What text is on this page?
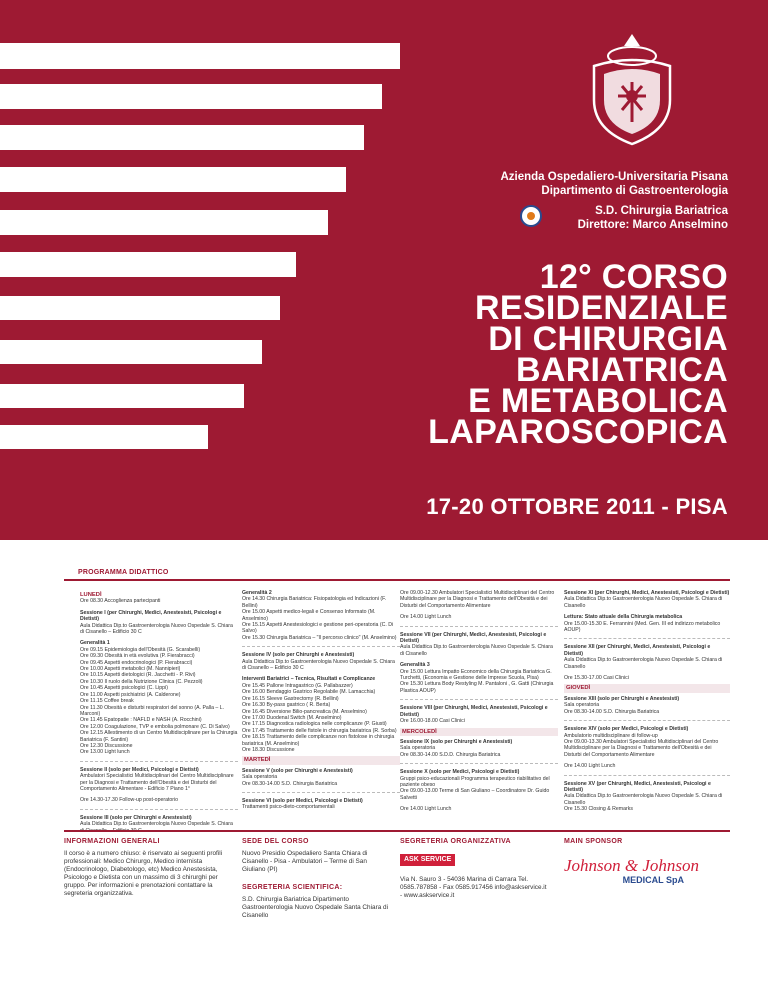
Azienda Ospedaliero-Universitaria Pisana
Dipartimento di Gastroenterologia
S.D. Chirurgia Bariatrica
Direttore: Marco Anselmino
12° CORSO
RESIDENZIALE
DI CHIRURGIA
BARIATRICA
E METABOLICA
LAPAROSCOPICA
17-20 OTTOBRE 2011 - PISA
PROGRAMMA DIDATTICO
LUNEDÌ
Ore 08.30 Accoglienza partecipanti
Sessione I (per Chirurghi, Medici, Anestesisti, Psicologi e Dietisti)
Aula Didattica Dip.to Gastroenterologia Nuovo Ospedale S. Chiara di Cisanello – Edificio 30 C
Generalità 1
Ore 09.15 Epidemiologia dell'Obesità (G. Scarabelli)
Ore 09.30 Obesità in età evolutiva (P. Fierabracci)
Ore 09.45 Aspetti endocrinologici (P. Fierabracci)
Ore 10.00 Aspetti metabolici (M. Nannipieri)
Ore 10.15 Aspetti dietologici (R. Jacchetti - P. Rivi)
Ore 10.30 Il ruolo della Nutrizione Clinica (C. Pezzoli)
Ore 10.45 Aspetti psicologici (C. Lippi)
Ore 11.00 Aspetti psichiatrici (A. Calderone)
Ore 11.15 Coffee break
Ore 11.30 Obesità e disturbi respiratori del sonno (A. Palla – L. Marconi)
Ore 11.45 Epatopatie : NAFLD e NASH (A. Rocchini)
Ore 12.00 Coagulazione, TVP e embolia polmonare (C. Di Salvo)
Ore 12.15 Allestimento di un Centro Multidisciplinare per la Chirurgia Bariatrica (F. Santini)
Ore 12.30 Discussione
Ore 13.00 Light lunch
Sessione II (solo per Medici, Psicologi e Dietisti)
Ambulatori Specialistici Multidisciplinari del Centro Multidisciplinare per la Diagnosi e Trattamento dell'Obesità e dei Disturbi del Comportamento Alimentare - Edificio 7 Piano 1°
Ore 14.30-17.30 Follow-up post-operatorio
Sessione III (solo per Chirurghi e Anestesisti)
Aula Didattica Dip.to Gastroenterologia Nuovo Ospedale S. Chiara
Generalità 2
Ore 14.30 Chirurgia Bariatrica: Fisiopatologia ed Indicazioni (F. Bellini)
Ore 15.00 Aspetti medico-legali e Consenso Informato (M. Anselmino)
Ore 15.15 Aspetti Anestesiologici e gestione peri-operatoria (C. Di Salvo)
Ore 15.30 Chirurgia Bariatrica – "Il percorso clinico" (M. Anselmino)
Sessione IV (solo per Chirurghi e Anestesisti)
Aula Didattica Dip.to Gastroenterologia Nuovo Ospedale S. Chiara di Cisanello – Edificio 30 C
Interventi Bariatrici – Tecnica, Risultati e Complicanze
Ore 15.45 Pallone Intragastrico (G. Pallabazzer)
Ore 16.00 Bendaggio Gastrico Regolabile (M. Lamacchia)
Ore 16.15 Sleeve Gastrectomy (R. Bellini)
Ore 16.30 By-pass gastrico ( R. Berta)
Ore 16.45 Diversione Bilio-pancreatica (M. Anselmino)
Ore 17.00 Duodenal Switch (M. Anselmino)
Ore 17.15 Diagnostica radiologica nelle complicanze (P. Giusti)
Ore 17.45 Trattamento delle fistole in chirurgia bariatrica (R. Sorba)
Ore 18.15 Trattamento delle complicanze non fistolose in chirurgia bariatrica (M. Anselmino)
Ore 18.30 Discussione
MARTEDÌ
Sessione V (solo per Chirurghi e Anestesisti)
Sala operatoria
Ore 08.30-14.00 S.D. Chirurgia Bariatrica
Sessione VI (solo per Medici, Psicologi e Dietisti)
Trattamenti psico-dieto-comportamentali
Ore 09.00-12.30 Ambulatori Specialistici Multidisciplinari del Centro Multidisciplinare per la Diagnosi e Trattamento dell'Obesità e dei Disturbi del Comportamento Alimentare
Ore 14.00 Light Lunch
Sessione VII (per Chirurghi, Medici, Anestesisti, Psicologi e Dietisti)
Aula Didattica Dip.to Gastroenterologia Nuovo Ospedale S. Chiara di Cisanello
Generalità 3
Ore 15.00 Lettura Impatto Economico della Chirurgia Bariatrica G. Turchetti, (Economia e Gestione delle Imprese Scuola, Pisa)
Ore 15.30 Lettura Body Restyling M. Pantaloni , G. Gatti (Chirurgia Plastica AOUP)
Sessione VIII (per Chirurghi, Medici, Anestesisti, Psicologi e Dietisti)
Ore 16.00-18.00 Casi Clinici
MERCOLEDÌ
Sessione IX (solo per Chirurghi e Anestesisti)
Sala operatoria
Ore 08.30-14.00 S.D.D. Chirurgia Bariatrica
Sessione X (solo per Medici, Psicologi e Dietisti)
Gruppi psico-educazionali Programma terapeutico riabilitativo del paziente obeso
Ore 09.00-13.00 Terme di San Giuliano – Coordinatore Dr. Guido Salvetti
Ore 14.00 Light Lunch
Sessione XI (per Chirurghi, Medici, Anestesisti, Psicologi e Dietisti)
Aula Didattica Dip.to Gastroenterologia Nuovo Ospedale S. Chiara di Cisanello
Lettura: Stato attuale della Chirurgia metabolica
Ore 15.00-15.30 E. Ferrannini (Med. Gen. III ed indirizzo metabolico AOUP)
Sessione XII (per Chirurghi, Medici, Anestesisti, Psicologi e Dietisti)
Aula Didattica Dip.to Gastroenterologia Nuovo Ospedale S. Chiara di Cisanello
Ore 15.30-17.00 Casi Clinici
GIOVEDÌ
Sessione XIII (solo per Chirurghi e Anestesisti)
Sala operatoria
Ore 08.30-14.00 S.D. Chirurgia Bariatrica
Sessione XIV (solo per Medici, Psicologi e Dietisti)
Ambulatorio multidisciplinare di follow-up
Ore 09.00-13.30 Ambulatori Specialistici Multidisciplinari del Centro Multidisciplinare per la Diagnosi e Trattamento dell'Obesità e dei Disturbi del Comportamento Alimentare
Ore 14.00 Light Lunch
Sessione XV (per Chirurghi, Medici, Anestesisti, Psicologi e Dietisti)
Aula Didattica Dip.to Gastroenterologia Nuovo Ospedale S. Chiara di Cisanello
Ore 15.30 Closing & Remarks
INFORMAZIONI GENERALI
Il corso è a numero chiuso: è riservato ai seguenti profili professionali: Medico Chirurgo, Medico internista (Endocrinologo, Diabetologo, etc) Medico Anestesista, Psicologo e Dietista con un massimo di 3 chirurghi per gruppo. Per informazioni e prenotazioni contattare la segreteria organizzativa.
SEDE DEL CORSO
Nuovo Presidio Ospedaliero Santa Chiara di Cisanello - Pisa - Ambulatori – Terme di San Giuliano (PI)
SEGRETERIA SCIENTIFICA:
S.D. Chirurgia Bariatrica Dipartimento Gastroenterologia Nuovo Ospedale Santa Chiara di Cisanello
SEGRETERIA ORGANIZZATIVA
ASK SERVICE
Via N. Sauro 3 - 54036 Marina di Carrara Tel. 0585.787858 - Fax 0585.917456 info@askservice.it - www.askservice.it
MAIN SPONSOR
Johnson & Johnson
MEDICAL SpA
